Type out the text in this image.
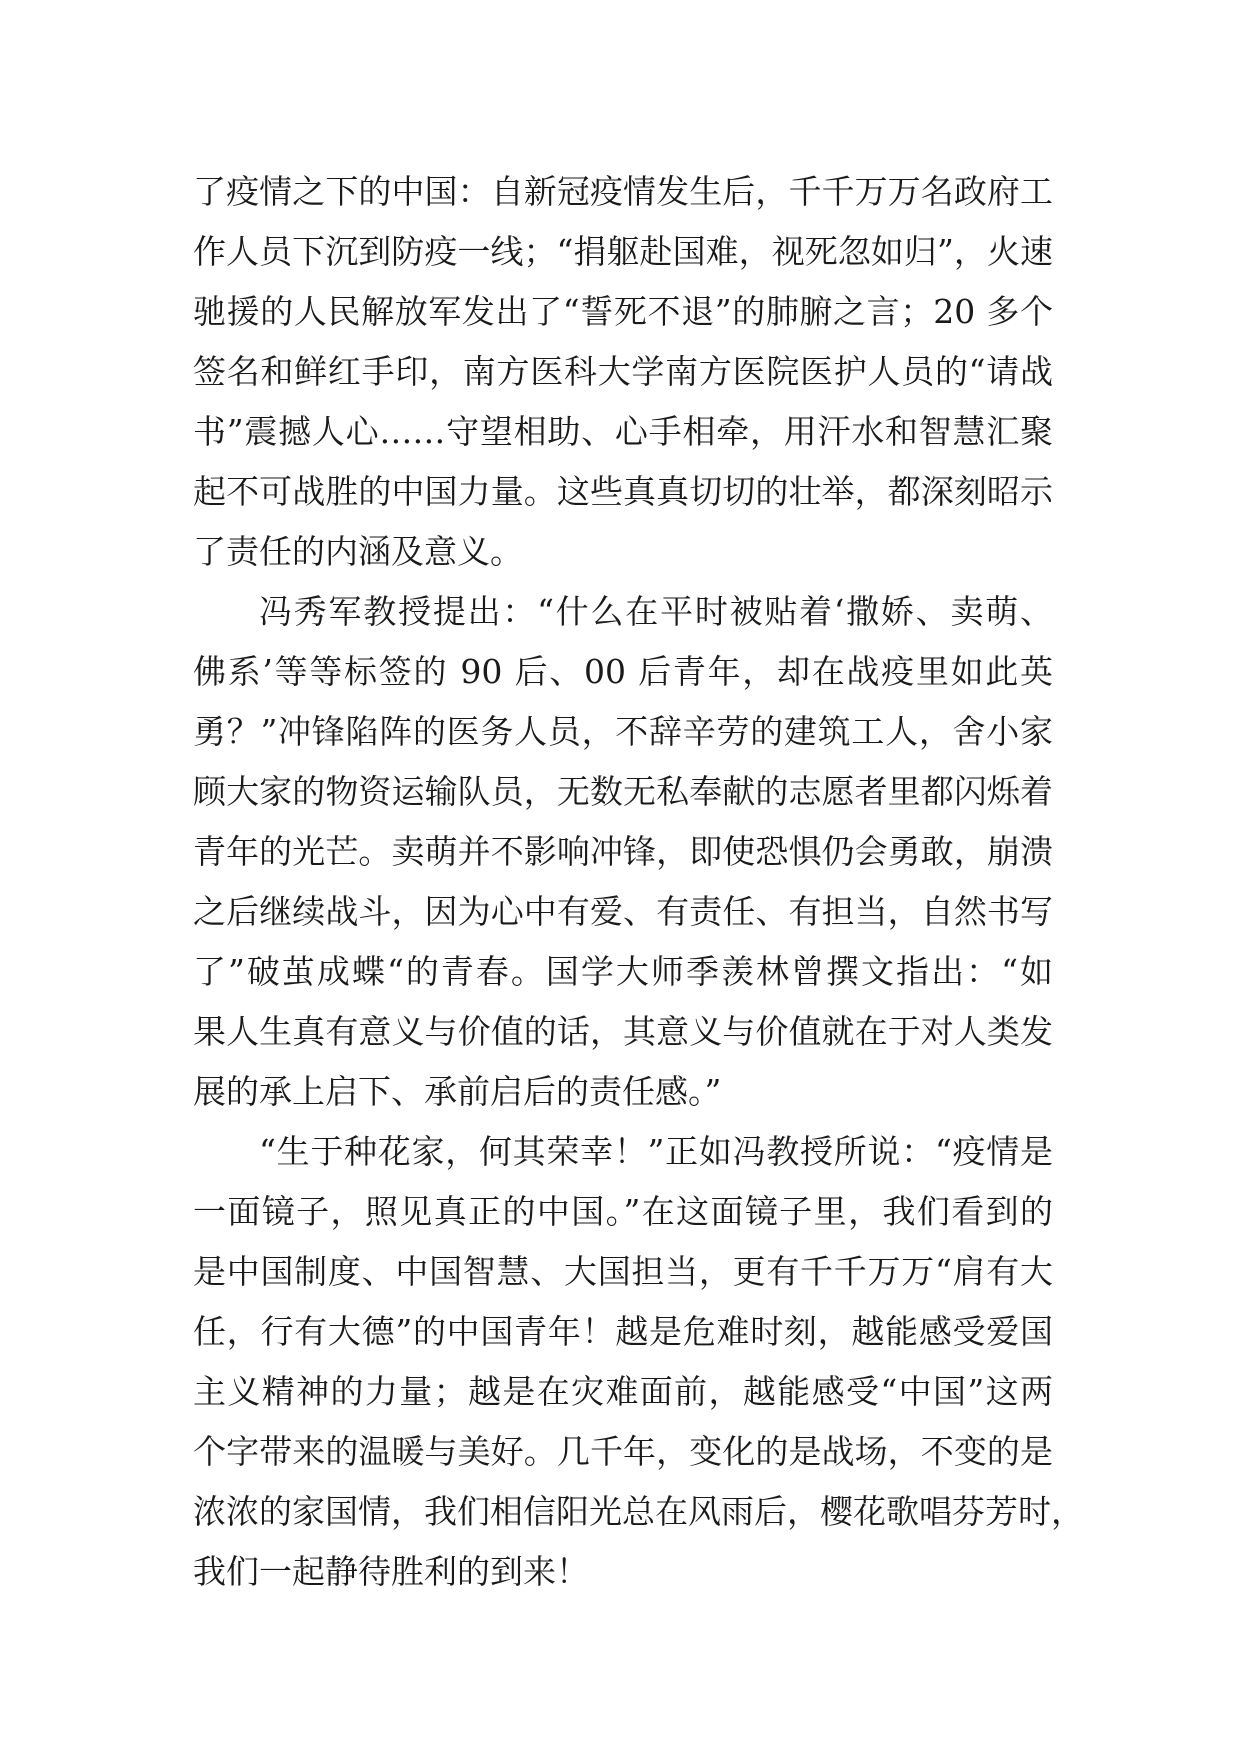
了疫情之下的中国：自新冠疫情发生后，千千万万名政府工
作人员下沉到防疫一线；“捐躯赴国难，视死忽如归”，火速
驰援的人民解放军发出了“誓死不退”的肺腑之言；20 多个
签名和鲜红手印，南方医科大学南方医院医护人员的“请战
书”震撼人心……守望相助、心手相牵，用汗水和智慧汇聚
起不可战胜的中国力量。这些真真切切的壮举，都深刻昭示
了责任的内涵及意义。
冯秀军教授提出：“什么在平时被贴着‘撒娇、卖萌、
佛系’等等标签的 90 后、00 后青年，却在战疫里如此英
勇？”冲锋陷阵的医务人员，不辞辛劳的建筑工人，舍小家
顾大家的物资运输队员，无数无私奉献的志愿者里都闪烁着
青年的光芒。卖萌并不影响冲锋，即使恐惧仍会勇敢，崩溃
之后继续战斗，因为心中有爱、有责任、有担当，自然书写
了”破茧成蝶“的青春。国学大师季羡林曾撰文指出：“如
果人生真有意义与价值的话，其意义与价值就在于对人类发
展的承上启下、承前启后的责任感。”
“生于种花家，何其荣幸！”正如冯教授所说：“疫情是
一面镜子，照见真正的中国。”在这面镜子里，我们看到的
是中国制度、中国智慧、大国担当，更有千千万万“肩有大
任，行有大德”的中国青年！越是危难时刻，越能感受爱国
主义精神的力量；越是在灾难面前，越能感受“中国”这两
个字带来的温暖与美好。几千年，变化的是战场，不变的是
浓浓的家国情，我们相信阳光总在风雨后，樱花歌唱芬芳时，
我们一起静待胜利的到来！
